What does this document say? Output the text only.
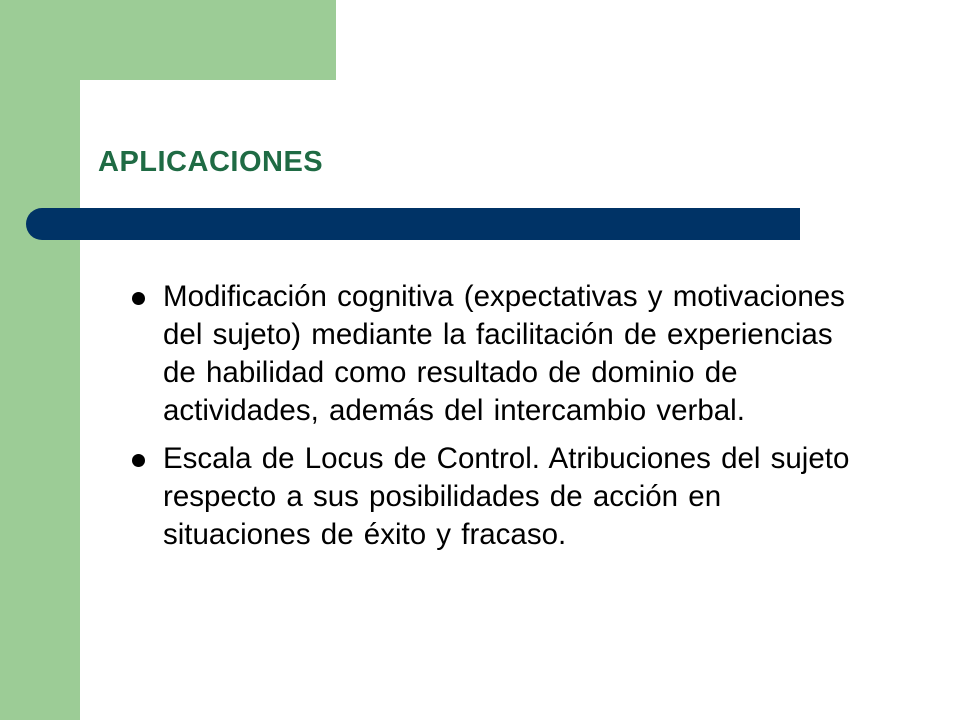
APLICACIONES
Modificación cognitiva (expectativas y motivaciones del sujeto) mediante la facilitación de experiencias de habilidad como resultado de dominio de actividades, además del intercambio verbal.
Escala de Locus de Control. Atribuciones del sujeto respecto a sus posibilidades de acción en situaciones de éxito y fracaso.
